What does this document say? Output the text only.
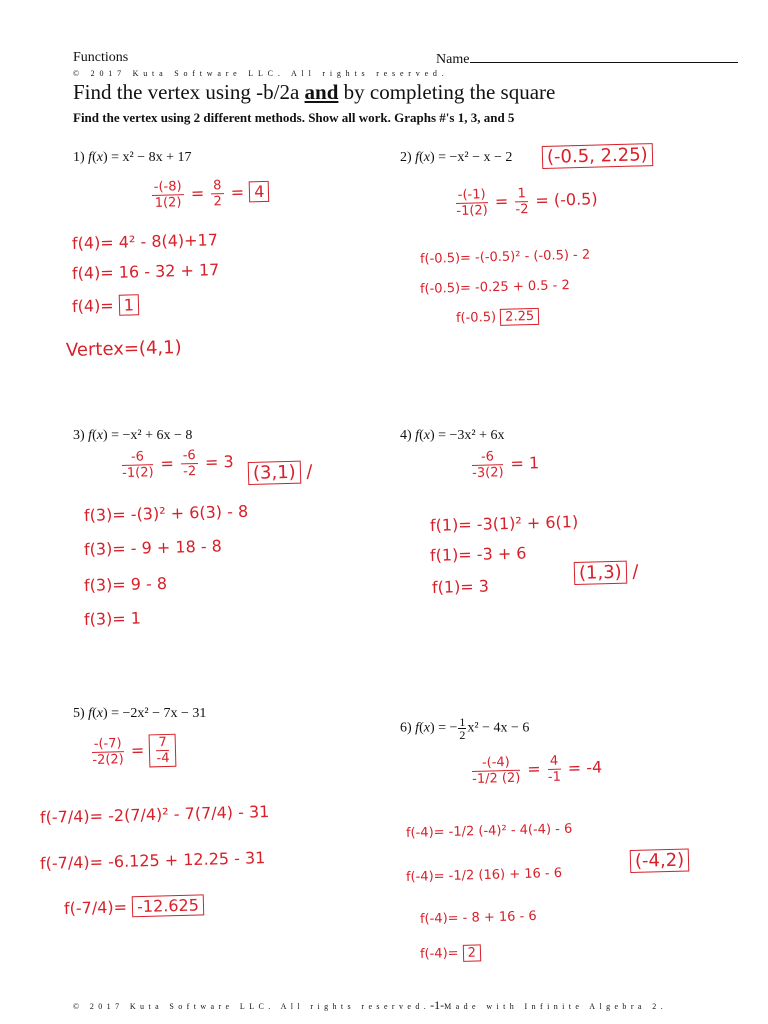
Functions	Name
© 2017 Kuta Software LLC. All rights reserved.
Find the vertex using -b/2a and by completing the square
Find the vertex using 2 different methods. Show all work. Graphs #'s 1, 3, and 5
1) f(x) = x² − 8x + 17	2) f(x) = −x² − x − 2
3) f(x) = −x² + 6x − 8	4) f(x) = −3x² + 6x
5) f(x) = −2x² − 7x − 31
6) f(x) = − $\frac{1}{2} x^2 - 4x - 6$
$\frac{-(-8)}{1(2)} = \frac{8}{2} = 4$
f(4)= 4² - 8(4)+17
f(4)= 16 - 32 + 17
f(4)= 1
Vertex=(4,1)
(-0.5, 2.25)
$\frac{-(-1)}{-1(2)} = \frac{1}{-2} = (-0.5)$
f(-0.5)= -(-0.5)² - (-0.5) - 2
f(-0.5)= -0.25 + 0.5 - 2
f(-0.5) 2.25
$\frac{-6}{-1(2)} = \frac{-6}{-2} = 3$ (3,1) /
f(3)= -(3)² + 6(3) - 8
f(3)= - 9 + 18 - 8
f(3)= 9 - 8
f(3)= 1
$\frac{-6}{-3(2)} = 1$
f(1)= -3(1)² + 6(1)
f(1)= -3 + 6
f(1)= 3
(1,3) /
$\frac{-(-7)}{-2(2)} = \frac{7}{-4}$
f(-7/4)= -2(7/4)² - 7(7/4) - 31
f(-7/4)= -6.125 + 12.25 - 31
f(-7/4)= -12.625
$\frac{-(-4)}{-1/2 (2)} = \frac{4}{-1} = -4$
f(-4)= -1/2 (-4)² - 4(-4) - 6
f(-4)= -1/2 (16) + 16 - 6
f(-4)= - 8 + 16 - 6
f(-4)= 2
(-4,2)
© 2017 Kuta Software LLC. All rights reserved.-1-Made with Infinite Algebra 2.
